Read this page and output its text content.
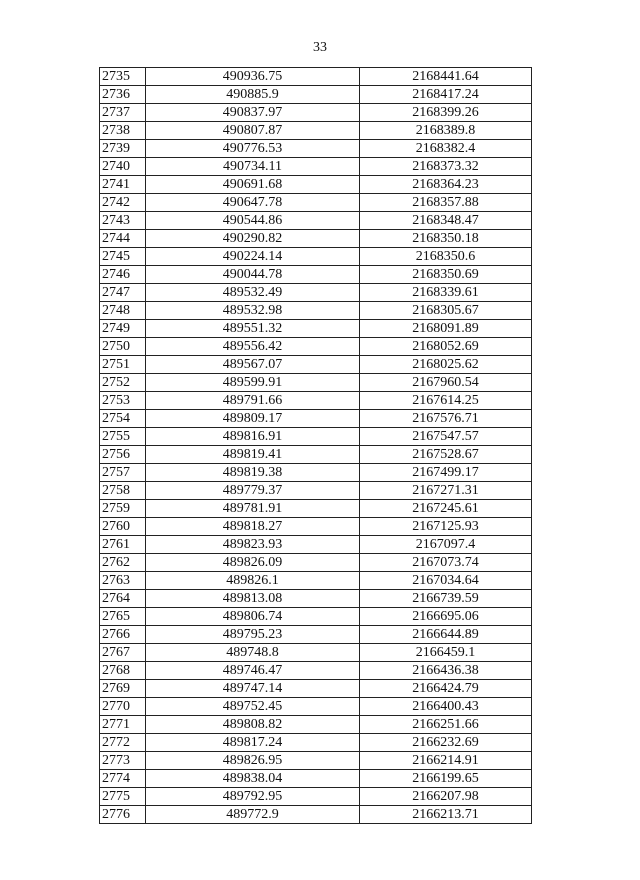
33
2735	490936.75	2168441.64
2736	490885.9	2168417.24
2737	490837.97	2168399.26
2738	490807.87	2168389.8
2739	490776.53	2168382.4
2740	490734.11	2168373.32
2741	490691.68	2168364.23
2742	490647.78	2168357.88
2743	490544.86	2168348.47
2744	490290.82	2168350.18
2745	490224.14	2168350.6
2746	490044.78	2168350.69
2747	489532.49	2168339.61
2748	489532.98	2168305.67
2749	489551.32	2168091.89
2750	489556.42	2168052.69
2751	489567.07	2168025.62
2752	489599.91	2167960.54
2753	489791.66	2167614.25
2754	489809.17	2167576.71
2755	489816.91	2167547.57
2756	489819.41	2167528.67
2757	489819.38	2167499.17
2758	489779.37	2167271.31
2759	489781.91	2167245.61
2760	489818.27	2167125.93
2761	489823.93	2167097.4
2762	489826.09	2167073.74
2763	489826.1	2167034.64
2764	489813.08	2166739.59
2765	489806.74	2166695.06
2766	489795.23	2166644.89
2767	489748.8	2166459.1
2768	489746.47	2166436.38
2769	489747.14	2166424.79
2770	489752.45	2166400.43
2771	489808.82	2166251.66
2772	489817.24	2166232.69
2773	489826.95	2166214.91
2774	489838.04	2166199.65
2775	489792.95	2166207.98
2776	489772.9	2166213.71
